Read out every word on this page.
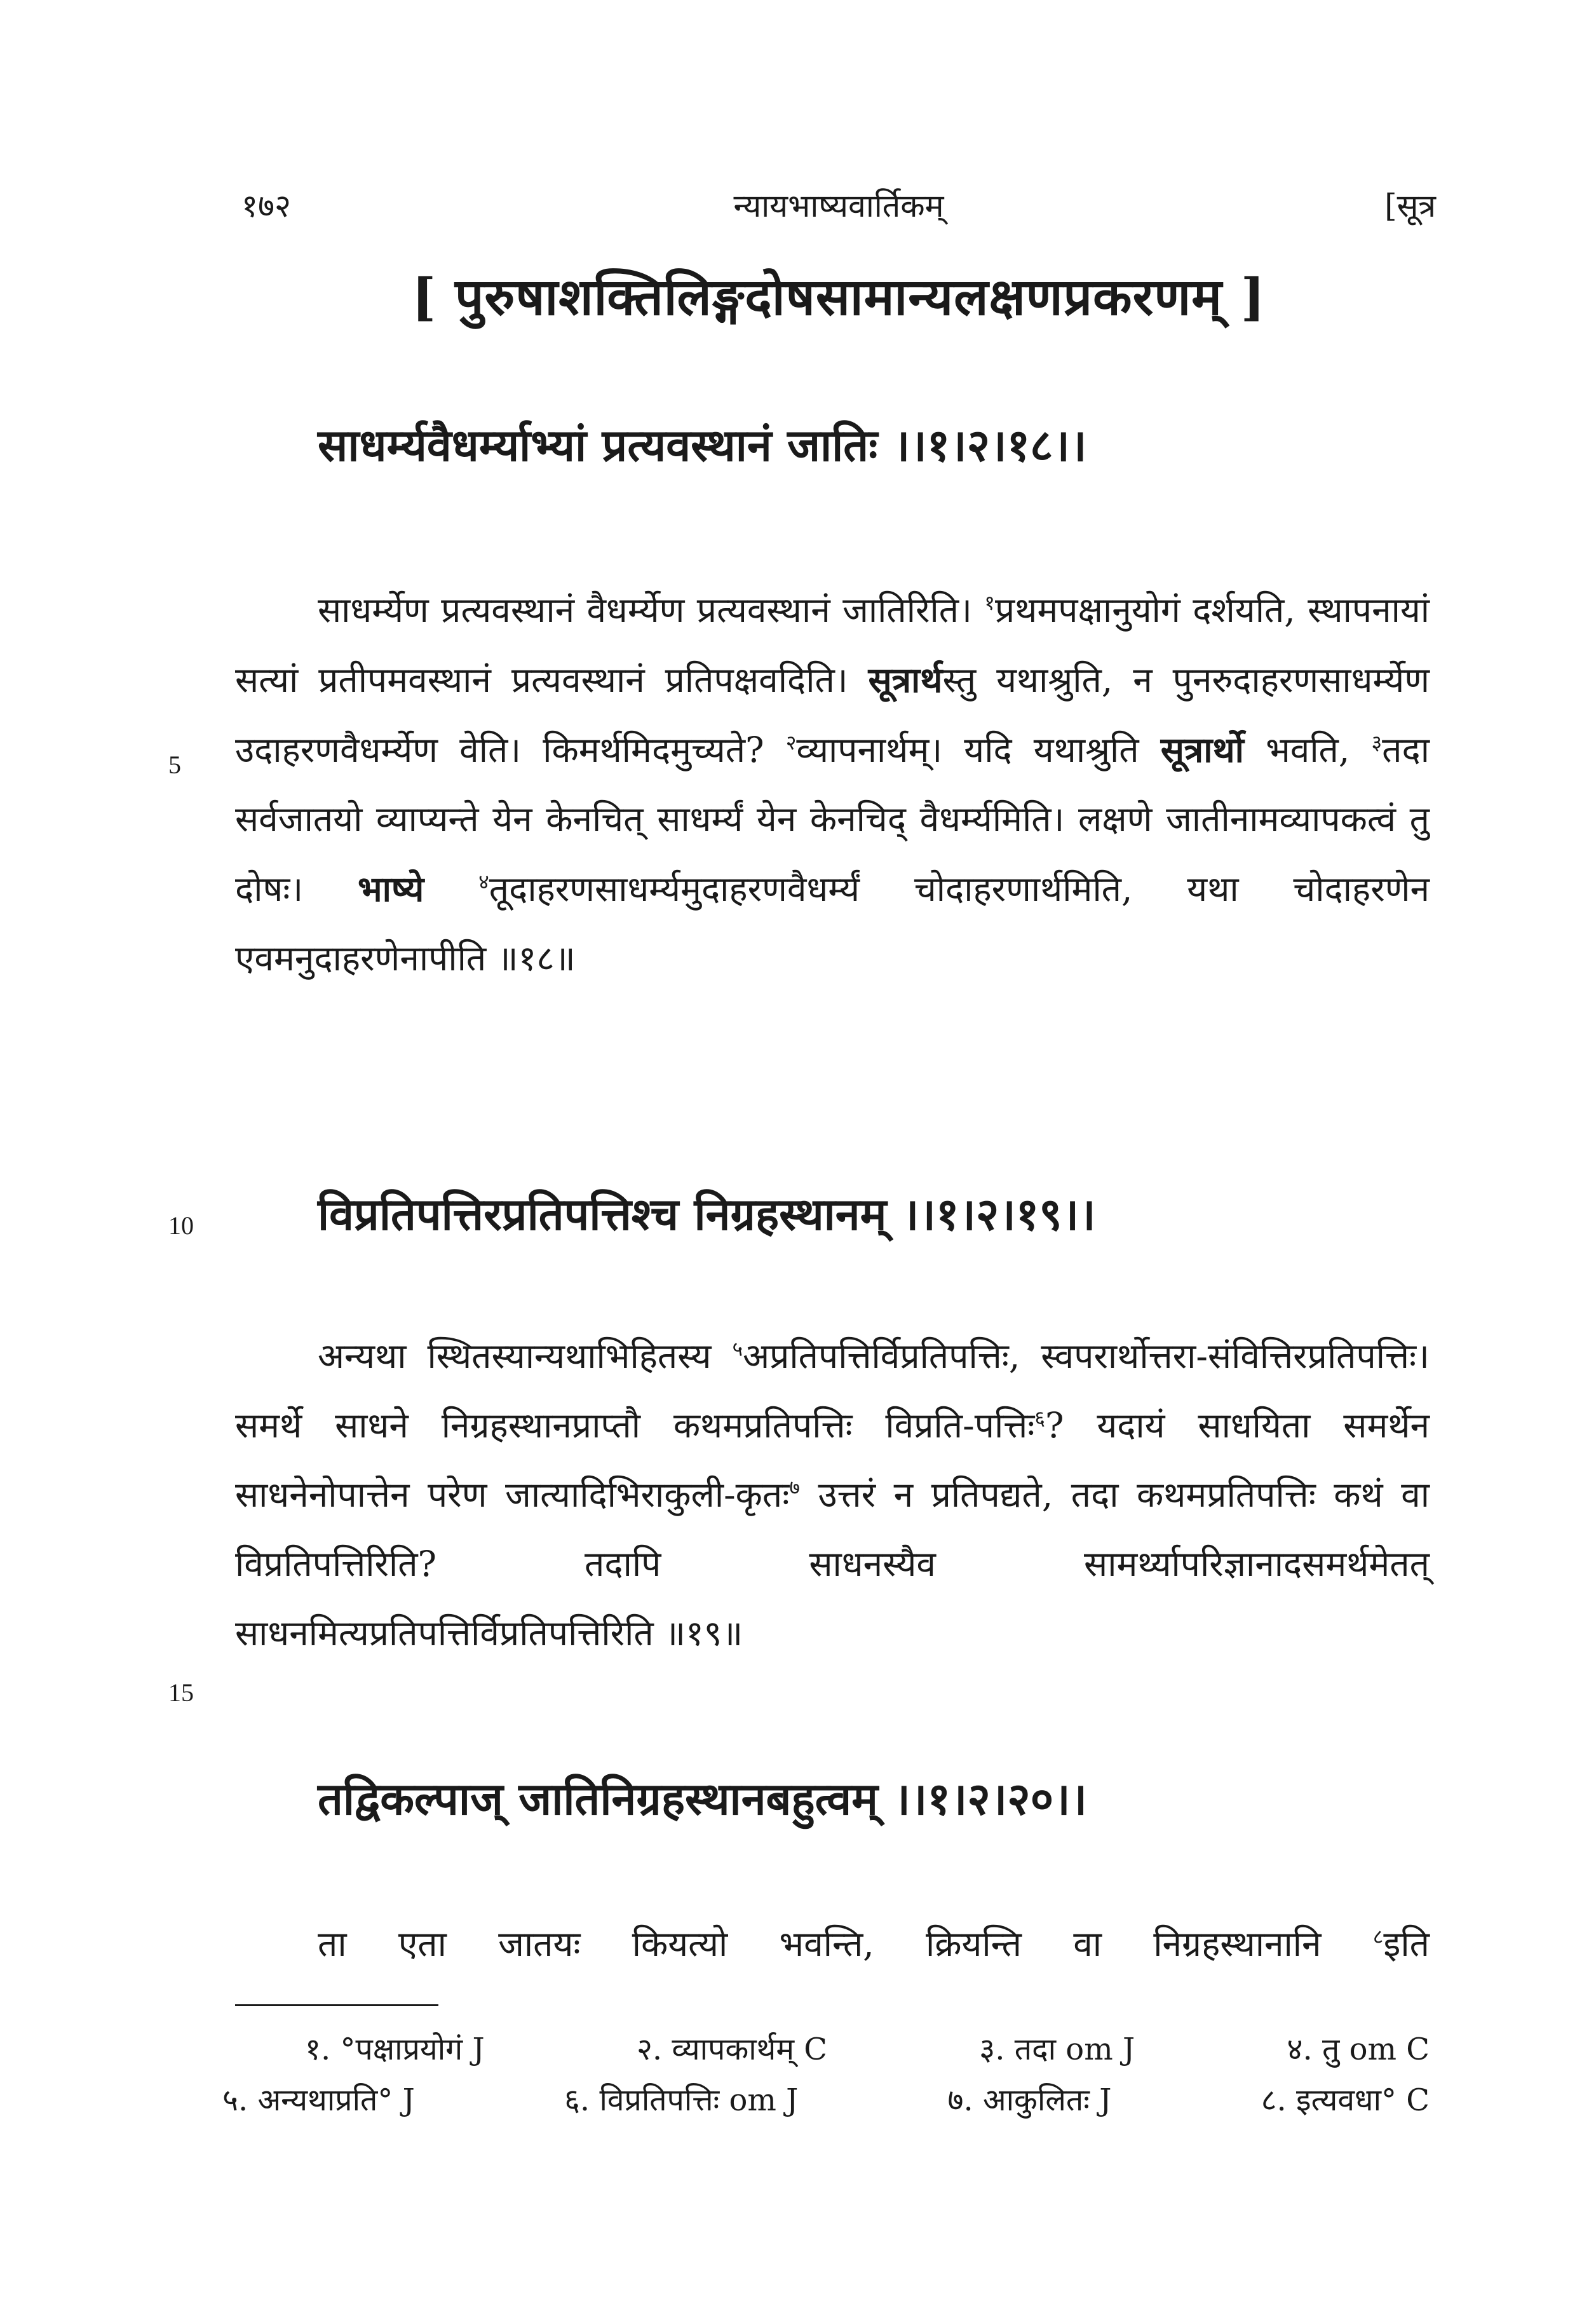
१७२	न्यायभाष्यवार्तिकम्	[सूत्र
[ पुरुषाशक्तिलिङ्गदोषसामान्यलक्षणप्रकरणम् ]
साधर्म्यवैधर्म्याभ्यां प्रत्यवस्थानं जातिः ।।१।२।१८।।

साधर्म्येण प्रत्यवस्थानं वैधर्म्येण प्रत्यवस्थानं जातिरिति। $^१$प्रथमपक्षानुयोगं दर्शयति, स्थापनायां सत्यां प्रतीपमवस्थानं प्रत्यवस्थानं प्रतिपक्षवदिति। सूत्रार्थस्तु यथाश्रुति, न पुनरुदाहरणसाधर्म्येण उदाहरणवैधर्म्येण वेति। किमर्थमिदमुच्यते? $^२$व्यापनार्थम्। यदि यथाश्रुति सूत्रार्थो भवति, $^३$तदा सर्वजातयो व्याप्यन्ते येन केनचित् साधर्म्यं येन केनचिद् वैधर्म्यमिति। लक्षणे जातीनामव्यापकत्वं तु दोषः। भाष्ये	$^४$तूदाहरणसाधर्म्यमुदाहरणवैधर्म्यं चोदाहरणार्थमिति, यथा चोदाहरणेन एवमनुदाहरणेनापीति ॥१८॥

5
विप्रतिपत्तिरप्रतिपत्तिश्च निग्रहस्थानम् ।।१।२।१९।।
10

अन्यथा स्थितस्यान्यथाभिहितस्य $^५$अप्रतिपत्तिर्विप्रतिपत्तिः, स्वपरार्थोत्तरा-संवित्तिरप्रतिपत्तिः। समर्थे साधने निग्रहस्थानप्राप्तौ कथमप्रतिपत्तिः विप्रति-पत्तिः$^६$? यदायं साधयिता समर्थेन साधनेनोपात्तेन परेण जात्यादिभिराकुली-कृतः$^७$ उत्तरं न प्रतिपद्यते, तदा कथमप्रतिपत्तिः कथं वा विप्रतिपत्तिरिति? तदापि साधनस्यैव सामर्थ्यापरिज्ञानादसमर्थमेतत् साधनमित्यप्रतिपत्तिर्विप्रतिपत्तिरिति ॥१९॥

15
तद्विकल्पाज् जातिनिग्रहस्थानबहुत्वम् ।।१।२।२०।।

ता एता जातयः कियत्यो भवन्ति, क्रियन्ति वा निग्रहस्थानानि $^८$इति

१. °पक्षाप्रयोगं J	२. व्यापकार्थम् C	३. तदा om J	४. तु om C
५. अन्यथाप्रति° J	६. विप्रतिपत्तिः om J	७. आकुलितः J	८. इत्यवधा° C
